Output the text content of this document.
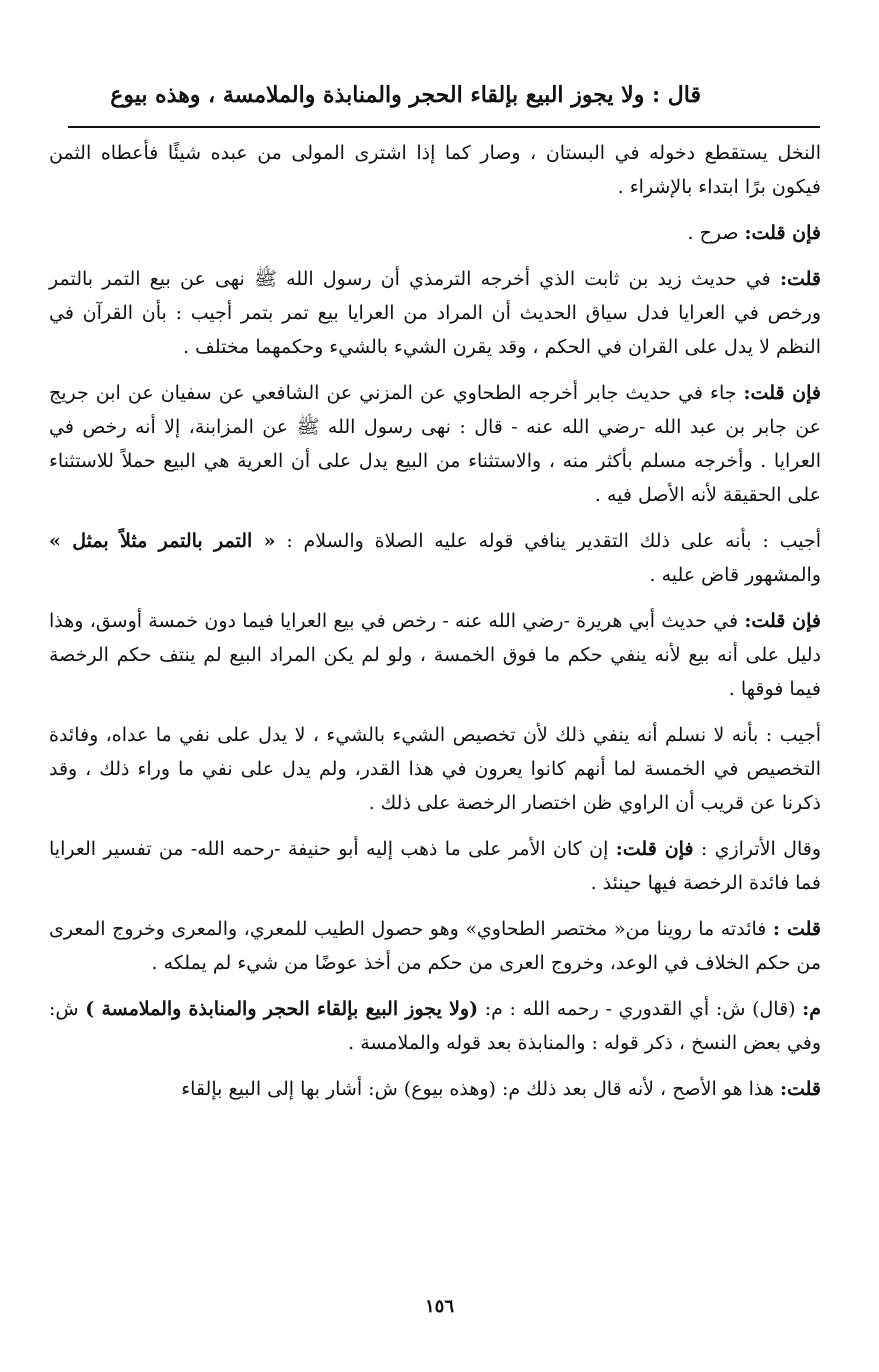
قال : ولا يجوز البيع بإلقاء الحجر والمنابذة والملامسة ، وهذه بيوع

النخل يستقطع دخوله في البستان ، وصار كما إذا اشترى المولى من عبده شيئًا فأعطاه الثمن فيكون برًا ابتداء بالإشراء .

فإن قلت: صرح .

قلت: في حديث زيد بن ثابت الذي أخرجه الترمذي أن رسول الله ﷺ نهى عن بيع التمر بالتمر ورخص في العرايا فدل سياق الحديث أن المراد من العرايا بيع تمر بتمر أجيب : بأن القرآن في النظم لا يدل على القران في الحكم ، وقد يقرن الشيء بالشيء وحكمهما مختلف .

فإن قلت: جاء في حديث جابر أخرجه الطحاوي عن المزني عن الشافعي عن سفيان عن ابن جريج عن جابر بن عبد الله -رضي الله عنه - قال : نهى رسول الله ﷺ عن المزابنة، إلا أنه رخص في العرايا . وأخرجه مسلم بأكثر منه ، والاستثناء من البيع يدل على أن العرية هي البيع حملاً للاستثناء على الحقيقة لأنه الأصل فيه .

أجيب : بأنه على ذلك التقدير ينافي قوله عليه الصلاة والسلام : « التمر بالتمر مثلاً بمثل » والمشهور قاض عليه .

فإن قلت: في حديث أبي هريرة -رضي الله عنه - رخص في بيع العرايا فيما دون خمسة أوسق، وهذا دليل على أنه بيع لأنه ينفي حكم ما فوق الخمسة ، ولو لم يكن المراد البيع لم ينتف حكم الرخصة فيما فوقها .

أجيب : بأنه لا نسلم أنه ينفي ذلك لأن تخصيص الشيء بالشيء ، لا يدل على نفي ما عداه، وفائدة التخصيص في الخمسة لما أنهم كانوا يعرون في هذا القدر، ولم يدل على نفي ما وراء ذلك ، وقد ذكرنا عن قريب أن الراوي ظن اختصار الرخصة على ذلك .

وقال الأترازي : فإن قلت: إن كان الأمر على ما ذهب إليه أبو حنيفة -رحمه الله- من تفسير العرايا فما فائدة الرخصة فيها حينئذ .

قلت : فائدته ما روينا من« مختصر الطحاوي» وهو حصول الطيب للمعري، والمعرى وخروج المعرى من حكم الخلاف في الوعد، وخروج العرى من حكم من أخذ عوضًا من شيء لم يملكه .

م: (قال) ش: أي القدوري - رحمه الله : م: (ولا يجوز البيع بإلقاء الحجر والمنابذة والملامسة ) ش: وفي بعض النسخ ، ذكر قوله : والمنابذة بعد قوله والملامسة .

قلت: هذا هو الأصح ، لأنه قال بعد ذلك م: (وهذه بيوع) ش: أشار بها إلى البيع بإلقاء

١٥٦
